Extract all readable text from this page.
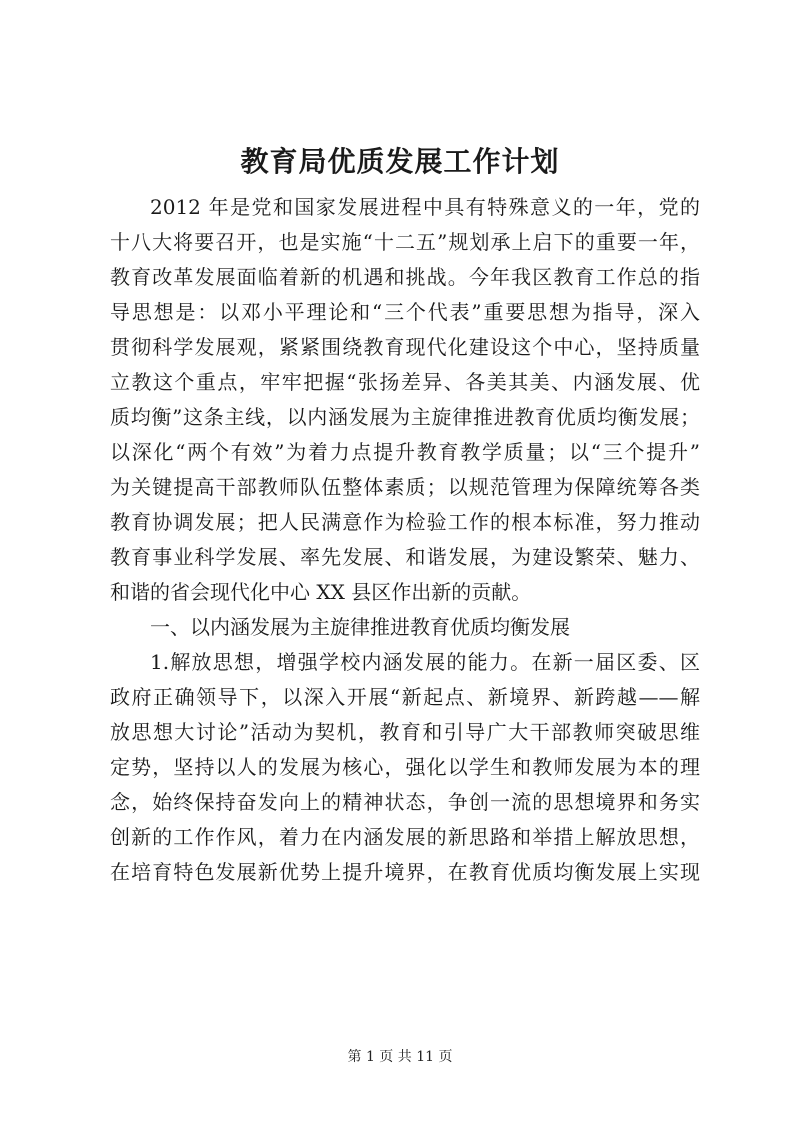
教育局优质发展工作计划
2012 年是党和国家发展进程中具有特殊意义的一年，党的
十八大将要召开，也是实施“十二五”规划承上启下的重要一年，
教育改革发展面临着新的机遇和挑战。今年我区教育工作总的指
导思想是：以邓小平理论和“三个代表”重要思想为指导，深入
贯彻科学发展观，紧紧围绕教育现代化建设这个中心，坚持质量
立教这个重点，牢牢把握“张扬差异、各美其美、内涵发展、优
质均衡”这条主线，以内涵发展为主旋律推进教育优质均衡发展；
以深化“两个有效”为着力点提升教育教学质量；以“三个提升”
为关键提高干部教师队伍整体素质；以规范管理为保障统筹各类
教育协调发展；把人民满意作为检验工作的根本标准，努力推动
教育事业科学发展、率先发展、和谐发展，为建设繁荣、魅力、
和谐的省会现代化中心 XX 县区作出新的贡献。
一、以内涵发展为主旋律推进教育优质均衡发展
1.解放思想，增强学校内涵发展的能力。在新一届区委、区
政府正确领导下，以深入开展“新起点、新境界、新跨越——解
放思想大讨论”活动为契机，教育和引导广大干部教师突破思维
定势，坚持以人的发展为核心，强化以学生和教师发展为本的理
念，始终保持奋发向上的精神状态，争创一流的思想境界和务实
创新的工作作风，着力在内涵发展的新思路和举措上解放思想，
在培育特色发展新优势上提升境界，在教育优质均衡发展上实现
第 1 页 共 11 页
